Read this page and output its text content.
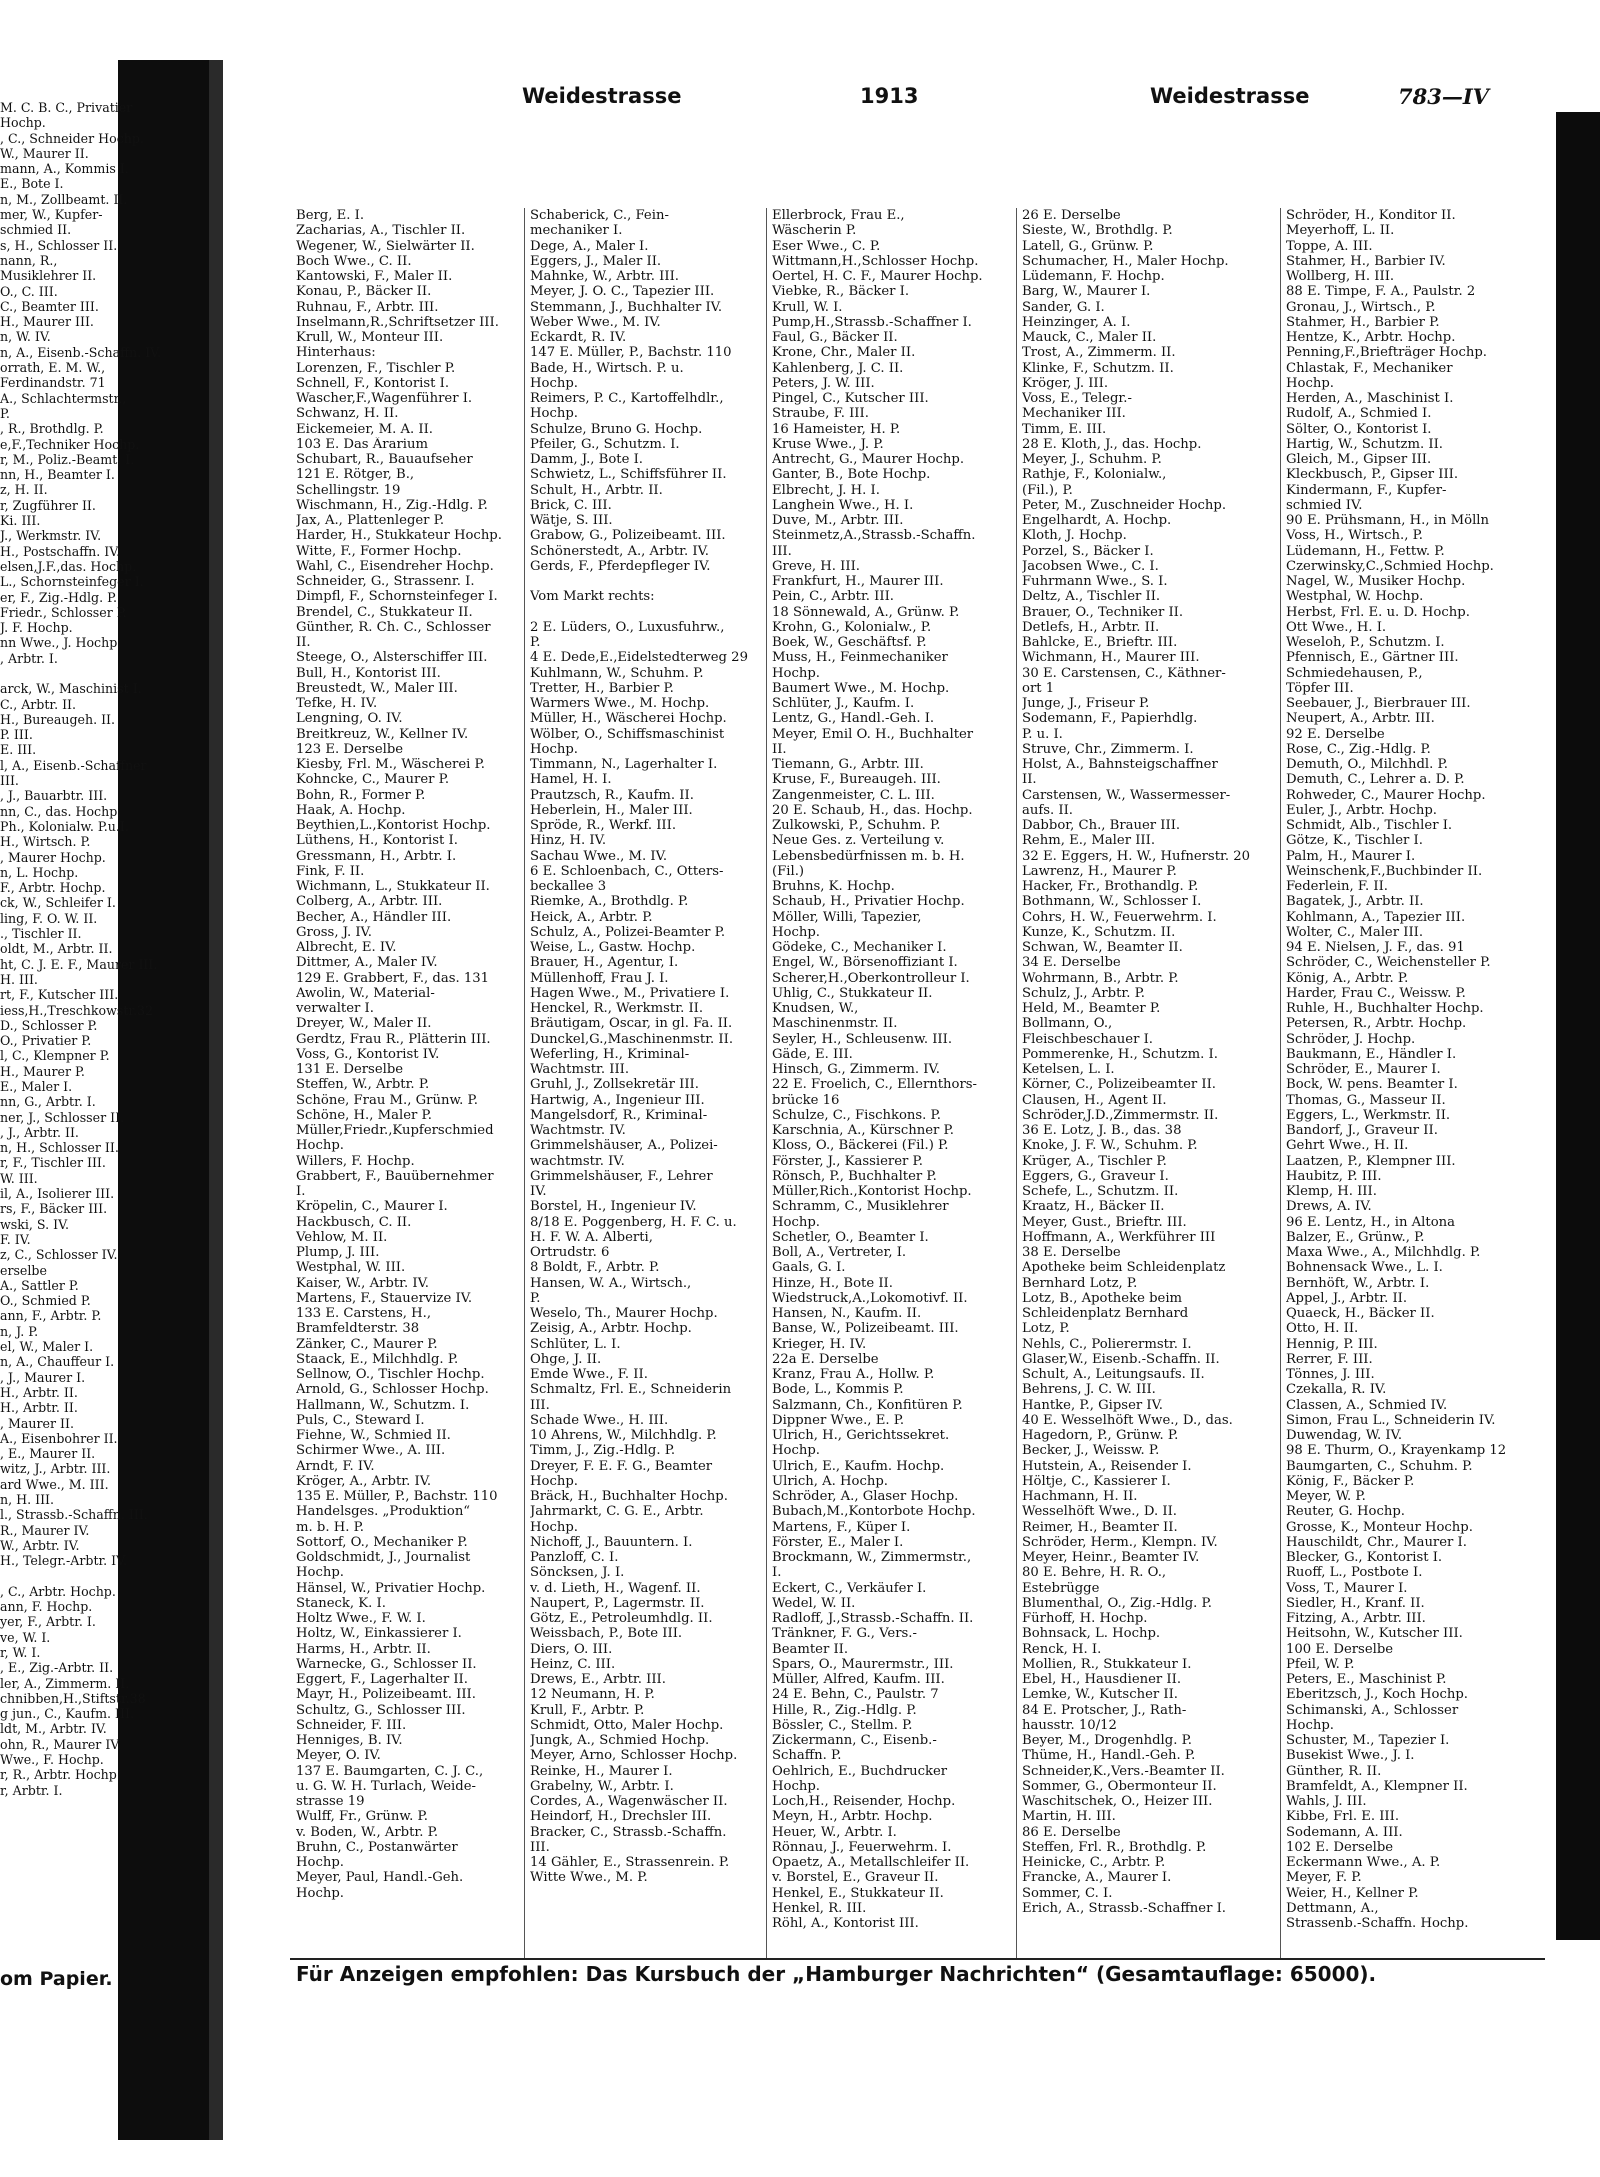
M. C. B. C., Privatier
Hochp.
, C., Schneider Hochp.
W., Maurer II.
mann, A., Kommis I.
E., Bote I.
n, M., Zollbeamt. II.
mer, W., Kupfer-
schmied II.
s, H., Schlosser II.
nann, R.,
Musiklehrer II.
O., C. III.
C., Beamter III.
H., Maurer III.
n, W. IV.
n, A., Eisenb.-Schaffn. IV.
orrath, E. M. W.,
Ferdinandstr. 71
A., Schlachtermstr.,
P.
, R., Brothdlg. P.
e,F.,Techniker Hochp.
r, M., Poliz.-Beamt. I.
nn, H., Beamter I.
z, H. II.
r, Zugführer II.
Ki. III.
J., Werkmstr. IV.
H., Postschaffn. IV.
elsen,J.F.,das. Hochp.
L., Schornsteinfeger I.
er, F., Zig.-Hdlg. P.
Friedr., Schlosser P.
J. F. Hochp.
nn Wwe., J. Hochp.
, Arbtr. I.

arck, W., Maschinist I.
C., Arbtr. II.
H., Bureaugeh. II.
P. III.
E. III.
l, A., Eisenb.-Schaffner
III.
, J., Bauarbtr. III.
nn, C., das. Hochp.
Ph., Kolonialw. P.u.I.
H., Wirtsch. P.
, Maurer Hochp.
n, L. Hochp.
F., Arbtr. Hochp.
ck, W., Schleifer I.
ling, F. O. W. II.
., Tischler II.
oldt, M., Arbtr. II.
ht, C. J. E. F., Maurer III.
H. III.
rt, F., Kutscher III.
iess,H.,Treschkowstr.32
D., Schlosser P.
O., Privatier P.
l, C., Klempner P.
H., Maurer P.
E., Maler I.
nn, G., Arbtr. I.
ner, J., Schlosser II.
, J., Arbtr. II.
n, H., Schlosser II.
r, F., Tischler III.
W. III.
il, A., Isolierer III.
rs, F., Bäcker III.
wski, S. IV.
F. IV.
z, C., Schlosser IV.
erselbe
A., Sattler P.
O., Schmied P.
ann, F., Arbtr. P.
n, J. P.
el, W., Maler I.
n, A., Chauffeur I.
, J., Maurer I.
H., Arbtr. II.
H., Arbtr. II.
, Maurer II.
A., Eisenbohrer II.
, E., Maurer II.
witz, J., Arbtr. III.
ard Wwe., M. III.
n, H. III.
l., Strassb.-Schaffn. III.
R., Maurer IV.
W., Arbtr. IV.
H., Telegr.-Arbtr. IV.

, C., Arbtr. Hochp.
ann, F. Hochp.
yer, F., Arbtr. I.
ve, W. I.
r, W. I.
, E., Zig.-Arbtr. II.
ler, A., Zimmerm. II.
chnibben,H.,Stiftstr.38
g jun., C., Kaufm. III.
ldt, M., Arbtr. IV.
ohn, R., Maurer IV.
Wwe., F. Hochp.
r, R., Arbtr. Hochp.
r, Arbtr. I.
om Papier.
Weidestrasse	1913	Weidestrasse	783—IV
Berg, E. I.
Zacharias, A., Tischler II.
Wegener, W., Sielwärter II.
Boch Wwe., C. II.
Kantowski, F., Maler II.
Konau, P., Bäcker II.
Ruhnau, F., Arbtr. III.
Inselmann,R.,Schriftsetzer III.
Krull, W., Monteur III.
Hinterhaus:
Lorenzen, F., Tischler P.
Schnell, F., Kontorist I.
Wascher,F.,Wagenführer I.
Schwanz, H. II.
Eickemeier, M. A. II.
103 E. Das Ärarium
Schubart, R., Bauaufseher
121 E. Rötger, B.,
Schellingstr. 19
Wischmann, H., Zig.-Hdlg. P.
Jax, A., Plattenleger P.
Harder, H., Stukkateur Hochp.
Witte, F., Former Hochp.
Wahl, C., Eisendreher Hochp.
Schneider, G., Strassenr. I.
Dimpfl, F., Schornsteinfeger I.
Brendel, C., Stukkateur II.
Günther, R. Ch. C., Schlosser
II.
Steege, O., Alsterschiffer III.
Bull, H., Kontorist III.
Breustedt, W., Maler III.
Tefke, H. IV.
Lengning, O. IV.
Breitkreuz, W., Kellner IV.
123 E. Derselbe
Kiesby, Frl. M., Wäscherei P.
Kohncke, C., Maurer P.
Bohn, R., Former P.
Haak, A. Hochp.
Beythien,L.,Kontorist Hochp.
Lüthens, H., Kontorist I.
Gressmann, H., Arbtr. I.
Fink, F. II.
Wichmann, L., Stukkateur II.
Colberg, A., Arbtr. III.
Becher, A., Händler III.
Gross, J. IV.
Albrecht, E. IV.
Dittmer, A., Maler IV.
129 E. Grabbert, F., das. 131
Awolin, W., Material-
verwalter I.
Dreyer, W., Maler II.
Gerdtz, Frau R., Plätterin III.
Voss, G., Kontorist IV.
131 E. Derselbe
Steffen, W., Arbtr. P.
Schöne, Frau M., Grünw. P.
Schöne, H., Maler P.
Müller,Friedr.,Kupferschmied
Hochp.
Willers, F. Hochp.
Grabbert, F., Bauübernehmer
I.
Kröpelin, C., Maurer I.
Hackbusch, C. II.
Vehlow, M. II.
Plump, J. III.
Westphal, W. III.
Kaiser, W., Arbtr. IV.
Martens, F., Stauervize IV.
133 E. Carstens, H.,
Bramfeldterstr. 38
Zänker, C., Maurer P.
Staack, E., Milchhdlg. P.
Sellnow, O., Tischler Hochp.
Arnold, G., Schlosser Hochp.
Hallmann, W., Schutzm. I.
Puls, C., Steward I.
Fiehne, W., Schmied II.
Schirmer Wwe., A. III.
Arndt, F. IV.
Kröger, A., Arbtr. IV.
135 E. Müller, P., Bachstr. 110
Handelsges. „Produktion“
m. b. H. P.
Sottorf, O., Mechaniker P.
Goldschmidt, J., Journalist
Hochp.
Hänsel, W., Privatier Hochp.
Staneck, K. I.
Holtz Wwe., F. W. I.
Holtz, W., Einkassierer I.
Harms, H., Arbtr. II.
Warnecke, G., Schlosser II.
Eggert, F., Lagerhalter II.
Mayr, H., Polizeibeamt. III.
Schultz, G., Schlosser III.
Schneider, F. III.
Henniges, B. IV.
Meyer, O. IV.
137 E. Baumgarten, C. J. C.,
u. G. W. H. Turlach, Weide-
strasse 19
Wulff, Fr., Grünw. P.
v. Boden, W., Arbtr. P.
Bruhn, C., Postanwärter
Hochp.
Meyer, Paul, Handl.-Geh.
Hochp.
Schaberick, C., Fein-
mechaniker I.
Dege, A., Maler I.
Eggers, J., Maler II.
Mahnke, W., Arbtr. III.
Meyer, J. O. C., Tapezier III.
Stemmann, J., Buchhalter IV.
Weber Wwe., M. IV.
Eckardt, R. IV.
147 E. Müller, P., Bachstr. 110
Bade, H., Wirtsch. P. u.
Hochp.
Reimers, P. C., Kartoffelhdlr.,
Hochp.
Schulze, Bruno G. Hochp.
Pfeiler, G., Schutzm. I.
Damm, J., Bote I.
Schwietz, L., Schiffsführer II.
Schult, H., Arbtr. II.
Brick, C. III.
Wätje, S. III.
Grabow, G., Polizeibeamt. III.
Schönerstedt, A., Arbtr. IV.
Gerds, F., Pferdepfleger IV.

Vom Markt rechts:

2 E. Lüders, O., Luxusfuhrw.,
P.
4 E. Dede,E.,Eidelstedterweg 29
Kuhlmann, W., Schuhm. P.
Tretter, H., Barbier P.
Warmers Wwe., M. Hochp.
Müller, H., Wäscherei Hochp.
Wölber, O., Schiffsmaschinist
Hochp.
Timmann, N., Lagerhalter I.
Hamel, H. I.
Prautzsch, R., Kaufm. II.
Heberlein, H., Maler III.
Spröde, R., Werkf. III.
Hinz, H. IV.
Sachau Wwe., M. IV.
6 E. Schloenbach, C., Otters-
beckallee 3
Riemke, A., Brothdlg. P.
Heick, A., Arbtr. P.
Schulz, A., Polizei-Beamter P.
Weise, L., Gastw. Hochp.
Brauer, H., Agentur, I.
Müllenhoff, Frau J. I.
Hagen Wwe., M., Privatiere I.
Henckel, R., Werkmstr. II.
Bräutigam, Oscar, in gl. Fa. II.
Dunckel,G.,Maschinenmstr. II.
Weferling, H., Kriminal-
Wachtmstr. III.
Gruhl, J., Zollsekretär III.
Hartwig, A., Ingenieur III.
Mangelsdorf, R., Kriminal-
Wachtmstr. IV.
Grimmelshäuser, A., Polizei-
wachtmstr. IV.
Grimmelshäuser, F., Lehrer
IV.
Borstel, H., Ingenieur IV.
8/18 E. Poggenberg, H. F. C. u.
H. F. W. A. Alberti,
Ortrudstr. 6
8 Boldt, F., Arbtr. P.
Hansen, W. A., Wirtsch.,
P.
Weselo, Th., Maurer Hochp.
Zeisig, A., Arbtr. Hochp.
Schlüter, L. I.
Ohge, J. II.
Emde Wwe., F. II.
Schmaltz, Frl. E., Schneiderin
III.
Schade Wwe., H. III.
10 Ahrens, W., Milchhdlg. P.
Timm, J., Zig.-Hdlg. P.
Dreyer, F. E. F. G., Beamter
Hochp.
Bräck, H., Buchhalter Hochp.
Jahrmarkt, C. G. E., Arbtr.
Hochp.
Nichoff, J., Bauuntern. I.
Panzloff, C. I.
Söncksen, J. I.
v. d. Lieth, H., Wagenf. II.
Naupert, P., Lagermstr. II.
Götz, E., Petroleumhdlg. II.
Weissbach, P., Bote III.
Diers, O. III.
Heinz, C. III.
Drews, E., Arbtr. III.
12 Neumann, H. P.
Krull, F., Arbtr. P.
Schmidt, Otto, Maler Hochp.
Jungk, A., Schmied Hochp.
Meyer, Arno, Schlosser Hochp.
Reinke, H., Maurer I.
Grabelny, W., Arbtr. I.
Cordes, A., Wagenwäscher II.
Heindorf, H., Drechsler III.
Bracker, C., Strassb.-Schaffn.
III.
14 Gähler, E., Strassenrein. P.
Witte Wwe., M. P.
Ellerbrock, Frau E.,
Wäscherin P.
Eser Wwe., C. P.
Wittmann,H.,Schlosser Hochp.
Oertel, H. C. F., Maurer Hochp.
Viebke, R., Bäcker I.
Krull, W. I.
Pump,H.,Strassb.-Schaffner I.
Faul, G., Bäcker II.
Krone, Chr., Maler II.
Kahlenberg, J. C. II.
Peters, J. W. III.
Pingel, C., Kutscher III.
Straube, F. III.
16 Hameister, H. P.
Kruse Wwe., J. P.
Antrecht, G., Maurer Hochp.
Ganter, B., Bote Hochp.
Elbrecht, J. H. I.
Langhein Wwe., H. I.
Duve, M., Arbtr. III.
Steinmetz,A.,Strassb.-Schaffn.
III.
Greve, H. III.
Frankfurt, H., Maurer III.
Pein, C., Arbtr. III.
18 Sönnewald, A., Grünw. P.
Krohn, G., Kolonialw., P.
Boek, W., Geschäftsf. P.
Muss, H., Feinmechaniker
Hochp.
Baumert Wwe., M. Hochp.
Schlüter, J., Kaufm. I.
Lentz, G., Handl.-Geh. I.
Meyer, Emil O. H., Buchhalter
II.
Tiemann, G., Arbtr. III.
Kruse, F., Bureaugeh. III.
Zangenmeister, C. L. III.
20 E. Schaub, H., das. Hochp.
Zulkowski, P., Schuhm. P.
Neue Ges. z. Verteilung v.
Lebensbedürfnissen m. b. H.
(Fil.)
Bruhns, K. Hochp.
Schaub, H., Privatier Hochp.
Möller, Willi, Tapezier,
Hochp.
Gödeke, C., Mechaniker I.
Engel, W., Börsenoffiziant I.
Scherer,H.,Oberkontrolleur I.
Uhlig, C., Stukkateur II.
Knudsen, W.,
Maschinenmstr. II.
Seyler, H., Schleusenw. III.
Gäde, E. III.
Hinsch, G., Zimmerm. IV.
22 E. Froelich, C., Ellernthors-
brücke 16
Schulze, C., Fischkons. P.
Karschnia, A., Kürschner P.
Kloss, O., Bäckerei (Fil.) P.
Förster, J., Kassierer P.
Rönsch, P., Buchhalter P.
Müller,Rich.,Kontorist Hochp.
Schramm, C., Musiklehrer
Hochp.
Schetler, O., Beamter I.
Boll, A., Vertreter, I.
Gaals, G. I.
Hinze, H., Bote II.
Wiedstruck,A.,Lokomotivf. II.
Hansen, N., Kaufm. II.
Banse, W., Polizeibeamt. III.
Krieger, H. IV.
22a E. Derselbe
Kranz, Frau A., Hollw. P.
Bode, L., Kommis P.
Salzmann, Ch., Konfitüren P.
Dippner Wwe., E. P.
Ulrich, H., Gerichtssekret.
Hochp.
Ulrich, E., Kaufm. Hochp.
Ulrich, A. Hochp.
Schröder, A., Glaser Hochp.
Bubach,M.,Kontorbote Hochp.
Martens, F., Küper I.
Förster, E., Maler I.
Brockmann, W., Zimmermstr.,
I.
Eckert, C., Verkäufer I.
Wedel, W. II.
Radloff, J.,Strassb.-Schaffn. II.
Tränkner, F. G., Vers.-
Beamter II.
Spars, O., Maurermstr., III.
Müller, Alfred, Kaufm. III.
24 E. Behn, C., Paulstr. 7
Hille, R., Zig.-Hdlg. P.
Bössler, C., Stellm. P.
Zickermann, C., Eisenb.-
Schaffn. P.
Oehlrich, E., Buchdrucker
Hochp.
Loch,H., Reisender, Hochp.
Meyn, H., Arbtr. Hochp.
Heuer, W., Arbtr. I.
Rönnau, J., Feuerwehrm. I.
Opaetz, A., Metallschleifer II.
v. Borstel, E., Graveur II.
Henkel, E., Stukkateur II.
Henkel, R. III.
Röhl, A., Kontorist III.
26 E. Derselbe
Sieste, W., Brothdlg. P.
Latell, G., Grünw. P.
Schumacher, H., Maler Hochp.
Lüdemann, F. Hochp.
Barg, W., Maurer I.
Sander, G. I.
Heinzinger, A. I.
Mauck, C., Maler II.
Trost, A., Zimmerm. II.
Klinke, F., Schutzm. II.
Kröger, J. III.
Voss, E., Telegr.-
Mechaniker III.
Timm, E. III.
28 E. Kloth, J., das. Hochp.
Meyer, J., Schuhm. P.
Rathje, F., Kolonialw.,
(Fil.), P.
Peter, M., Zuschneider Hochp.
Engelhardt, A. Hochp.
Kloth, J. Hochp.
Porzel, S., Bäcker I.
Jacobsen Wwe., C. I.
Fuhrmann Wwe., S. I.
Deltz, A., Tischler II.
Brauer, O., Techniker II.
Detlefs, H., Arbtr. II.
Bahlcke, E., Brieftr. III.
Wichmann, H., Maurer III.
30 E. Carstensen, C., Käthner-
ort 1
Junge, J., Friseur P.
Sodemann, F., Papierhdlg.
P. u. I.
Struve, Chr., Zimmerm. I.
Holst, A., Bahnsteigschaffner
II.
Carstensen, W., Wassermesser-
aufs. II.
Dabbor, Ch., Brauer III.
Rehm, E., Maler III.
32 E. Eggers, H. W., Hufnerstr. 20
Lawrenz, H., Maurer P.
Hacker, Fr., Brothandlg. P.
Bothmann, W., Schlosser I.
Cohrs, H. W., Feuerwehrm. I.
Kunze, K., Schutzm. II.
Schwan, W., Beamter II.
34 E. Derselbe
Wohrmann, B., Arbtr. P.
Schulz, J., Arbtr. P.
Held, M., Beamter P.
Bollmann, O.,
Fleischbeschauer I.
Pommerenke, H., Schutzm. I.
Ketelsen, L. I.
Körner, C., Polizeibeamter II.
Clausen, H., Agent II.
Schröder,J.D.,Zimmermstr. II.
36 E. Lotz, J. B., das. 38
Knoke, J. F. W., Schuhm. P.
Krüger, A., Tischler P.
Eggers, G., Graveur I.
Schefe, L., Schutzm. II.
Kraatz, H., Bäcker II.
Meyer, Gust., Brieftr. III.
Hoffmann, A., Werkführer III
38 E. Derselbe
Apotheke beim Schleidenplatz
Bernhard Lotz, P.
Lotz, B., Apotheke beim
Schleidenplatz Bernhard
Lotz, P.
Nehls, C., Polierermstr. I.
Glaser,W., Eisenb.-Schaffn. II.
Schult, A., Leitungsaufs. II.
Behrens, J. C. W. III.
Hantke, P., Gipser IV.
40 E. Wesselhöft Wwe., D., das.
Hagedorn, P., Grünw. P.
Becker, J., Weissw. P.
Hutstein, A., Reisender I.
Höltje, C., Kassierer I.
Hachmann, H. II.
Wesselhöft Wwe., D. II.
Reimer, H., Beamter II.
Schröder, Herm., Klempn. IV.
Meyer, Heinr., Beamter IV.
80 E. Behre, H. R. O.,
Estebrügge
Blumenthal, O., Zig.-Hdlg. P.
Fürhoff, H. Hochp.
Bohnsack, L. Hochp.
Renck, H. I.
Mollien, R., Stukkateur I.
Ebel, H., Hausdiener II.
Lemke, W., Kutscher II.
84 E. Protscher, J., Rath-
hausstr. 10/12
Beyer, M., Drogenhdlg. P.
Thüme, H., Handl.-Geh. P.
Schneider,K.,Vers.-Beamter II.
Sommer, G., Obermonteur II.
Waschitschek, O., Heizer III.
Martin, H. III.
86 E. Derselbe
Steffen, Frl. R., Brothdlg. P.
Heinicke, C., Arbtr. P.
Francke, A., Maurer I.
Sommer, C. I.
Erich, A., Strassb.-Schaffner I.
Schröder, H., Konditor II.
Meyerhoff, L. II.
Toppe, A. III.
Stahmer, H., Barbier IV.
Wollberg, H. III.
88 E. Timpe, F. A., Paulstr. 2
Gronau, J., Wirtsch., P.
Stahmer, H., Barbier P.
Hentze, K., Arbtr. Hochp.
Penning,F.,Briefträger Hochp.
Chlastak, F., Mechaniker
Hochp.
Herden, A., Maschinist I.
Rudolf, A., Schmied I.
Sölter, O., Kontorist I.
Hartig, W., Schutzm. II.
Gleich, M., Gipser III.
Kleckbusch, P., Gipser III.
Kindermann, F., Kupfer-
schmied IV.
90 E. Prühsmann, H., in Mölln
Voss, H., Wirtsch., P.
Lüdemann, H., Fettw. P.
Czerwinsky,C.,Schmied Hochp.
Nagel, W., Musiker Hochp.
Westphal, W. Hochp.
Herbst, Frl. E. u. D. Hochp.
Ott Wwe., H. I.
Weseloh, P., Schutzm. I.
Pfennisch, E., Gärtner III.
Schmiedehausen, P.,
Töpfer III.
Seebauer, J., Bierbrauer III.
Neupert, A., Arbtr. III.
92 E. Derselbe
Rose, C., Zig.-Hdlg. P.
Demuth, O., Milchhdl. P.
Demuth, C., Lehrer a. D. P.
Rohweder, C., Maurer Hochp.
Euler, J., Arbtr. Hochp.
Schmidt, Alb., Tischler I.
Götze, K., Tischler I.
Palm, H., Maurer I.
Weinschenk,F.,Buchbinder II.
Federlein, F. II.
Bagatek, J., Arbtr. II.
Kohlmann, A., Tapezier III.
Wolter, C., Maler III.
94 E. Nielsen, J. F., das. 91
Schröder, C., Weichensteller P.
König, A., Arbtr. P.
Harder, Frau C., Weissw. P.
Ruhle, H., Buchhalter Hochp.
Petersen, R., Arbtr. Hochp.
Schröder, J. Hochp.
Baukmann, E., Händler I.
Schröder, E., Maurer I.
Bock, W. pens. Beamter I.
Thomas, G., Masseur II.
Eggers, L., Werkmstr. II.
Bandorf, J., Graveur II.
Gehrt Wwe., H. II.
Laatzen, P., Klempner III.
Haubitz, P. III.
Klemp, H. III.
Drews, A. IV.
96 E. Lentz, H., in Altona
Balzer, E., Grünw., P.
Maxa Wwe., A., Milchhdlg. P.
Bohnensack Wwe., L. I.
Bernhöft, W., Arbtr. I.
Appel, J., Arbtr. II.
Quaeck, H., Bäcker II.
Otto, H. II.
Hennig, P. III.
Rerrer, F. III.
Tönnes, J. III.
Czekalla, R. IV.
Classen, A., Schmied IV.
Simon, Frau L., Schneiderin IV.
Duwendag, W. IV.
98 E. Thurm, O., Krayenkamp 12
Baumgarten, C., Schuhm. P.
König, F., Bäcker P.
Meyer, W. P.
Reuter, G. Hochp.
Grosse, K., Monteur Hochp.
Hauschildt, Chr., Maurer I.
Blecker, G., Kontorist I.
Ruoff, L., Postbote I.
Voss, T., Maurer I.
Siedler, H., Kranf. II.
Fitzing, A., Arbtr. III.
Heitsohn, W., Kutscher III.
100 E. Derselbe
Pfeil, W. P.
Peters, E., Maschinist P.
Eberitzsch, J., Koch Hochp.
Schimanski, A., Schlosser
Hochp.
Schuster, M., Tapezier I.
Busekist Wwe., J. I.
Günther, R. II.
Bramfeldt, A., Klempner II.
Wahls, J. III.
Kibbe, Frl. E. III.
Sodemann, A. III.
102 E. Derselbe
Eckermann Wwe., A. P.
Meyer, F. P.
Weier, H., Kellner P.
Dettmann, A.,
Strassenb.-Schaffn. Hochp.
Für Anzeigen empfohlen: Das Kursbuch der „Hamburger Nachrichten“ (Gesamtauflage: 65000).
